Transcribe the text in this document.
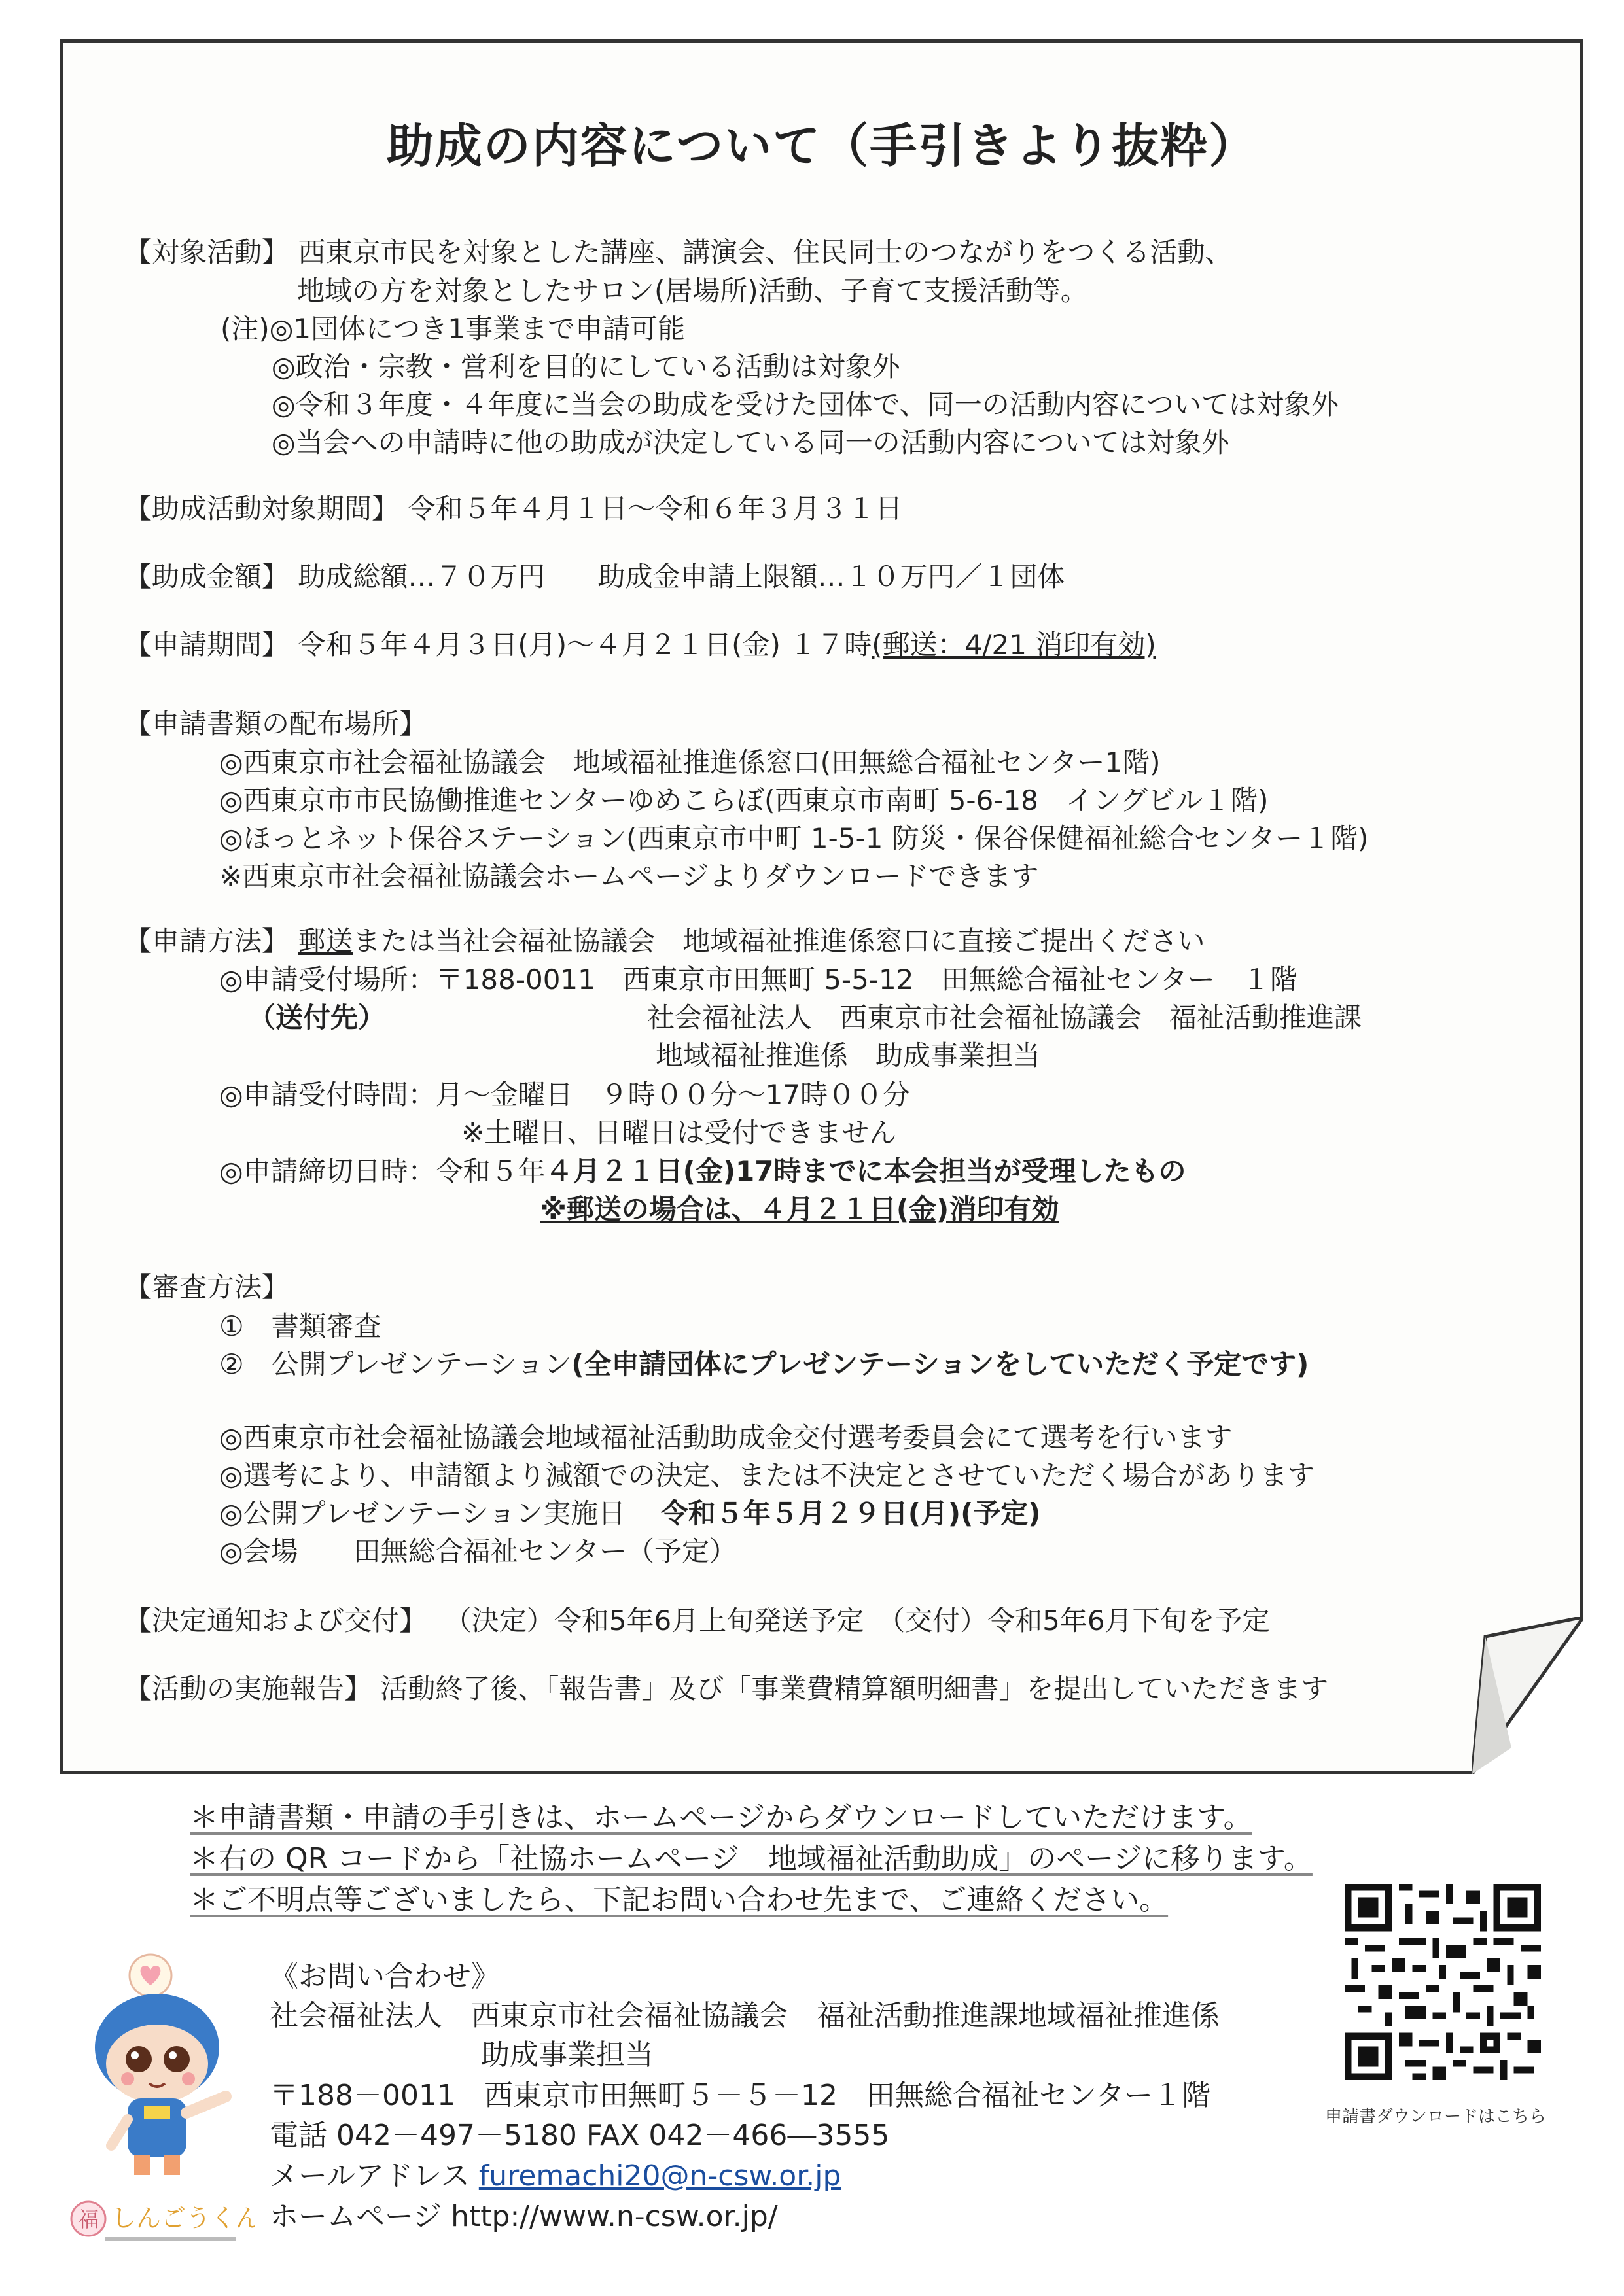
助成の内容について（手引きより抜粋）
【対象活動】 西東京市民を対象とした講座、講演会、住民同士のつながりをつくる活動、
地域の方を対象としたサロン(居場所)活動、子育て支援活動等。
(注)◎1団体につき1事業まで申請可能
◎政治・宗教・営利を目的にしている活動は対象外
◎令和３年度・４年度に当会の助成を受けた団体で、同一の活動内容については対象外
◎当会への申請時に他の助成が決定している同一の活動内容については対象外
【助成活動対象期間】 令和５年４月１日～令和６年３月３１日
【助成金額】 助成総額…７０万円 助成金申請上限額…１０万円／１団体
【申請期間】 令和５年４月３日(月)～４月２１日(金) １７時(郵送：4/21 消印有効)
【申請書類の配布場所】
◎西東京市社会福祉協議会　地域福祉推進係窓口(田無総合福祉センター1階)
◎西東京市市民協働推進センターゆめこらぼ(西東京市南町 5-6-18　イングビル１階)
◎ほっとネット保谷ステーション(西東京市中町 1-5-1 防災・保谷保健福祉総合センター１階)
※西東京市社会福祉協議会ホームページよりダウンロードできます
【申請方法】 郵送または当社会福祉協議会　地域福祉推進係窓口に直接ご提出ください
◎申請受付場所：〒188-0011　西東京市田無町 5-5-12　田無総合福祉センター　１階
（送付先）	社会福祉法人　西東京市社会福祉協議会　福祉活動推進課
地域福祉推進係　助成事業担当
◎申請受付時間：月～金曜日　９時００分～17時００分
※土曜日、日曜日は受付できません
◎申請締切日時：令和５年４月２１日(金)17時までに本会担当が受理したもの
※郵送の場合は、４月２１日(金)消印有効
【審査方法】
①　書類審査
②　公開プレゼンテーション(全申請団体にプレゼンテーションをしていただく予定です)
◎西東京市社会福祉協議会地域福祉活動助成金交付選考委員会にて選考を行います
◎選考により、申請額より減額での決定、または不決定とさせていただく場合があります
◎公開プレゼンテーション実施日 令和５年５月２９日(月)(予定)
◎会場　　田無総合福祉センター（予定）
【決定通知および交付】 （決定）令和5年6月上旬発送予定　（交付）令和5年6月下旬を予定
【活動の実施報告】 活動終了後、「報告書」及び「事業費精算額明細書」を提出していただきます
＊申請書類・申請の手引きは、ホームページからダウンロードしていただけます。
＊右の QR コードから「社協ホームページ　地域福祉活動助成」のページに移ります。
＊ご不明点等ございましたら、下記お問い合わせ先まで、ご連絡ください。
《お問い合わせ》
社会福祉法人　西東京市社会福祉協議会　福祉活動推進課地域福祉推進係
助成事業担当
〒188－0011　西東京市田無町５－５－12　田無総合福祉センター１階
電話 042－497－5180 FAX 042－466―3555
メールアドレス furemachi20@n-csw.or.jp
ホームページ http://www.n-csw.or.jp/
福 しんごうくん
申請書ダウンロードはこちら
